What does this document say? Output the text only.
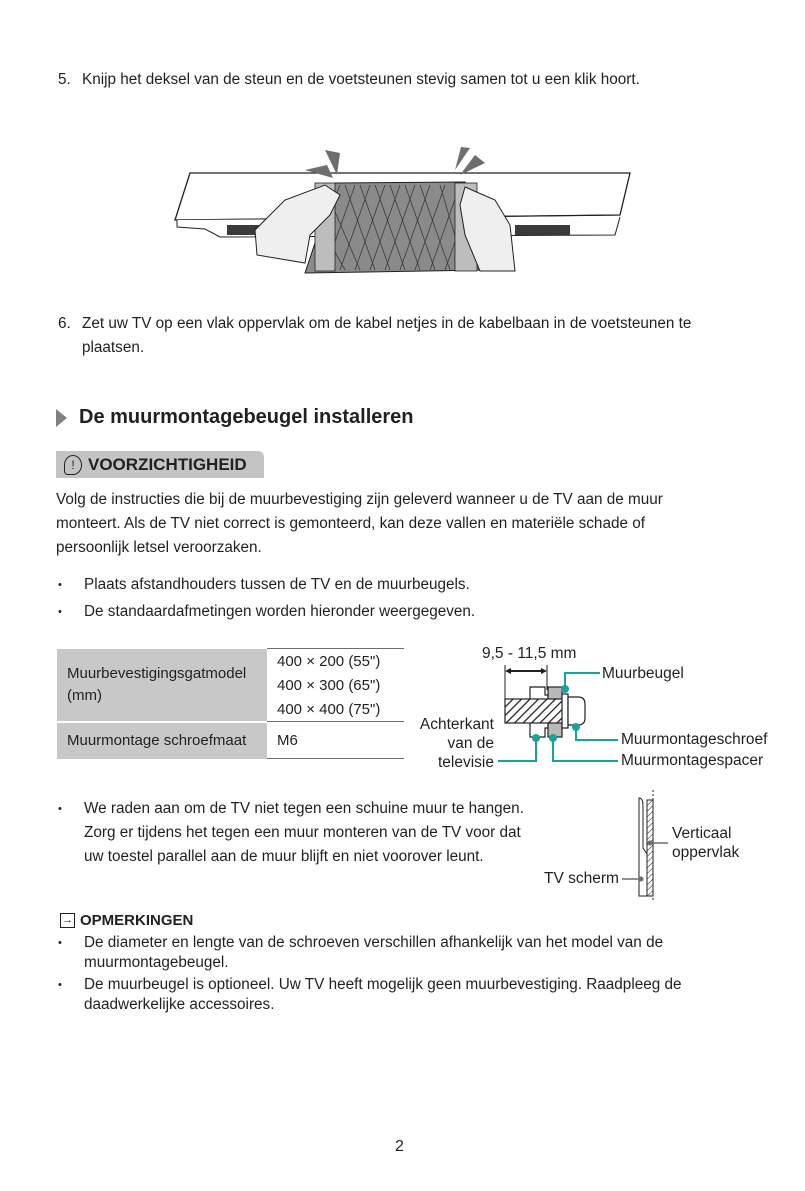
5. Knijp het deksel van de steun en de voetsteunen stevig samen tot u een klik hoort.
6. Zet uw TV op een vlak oppervlak om de kabel netjes in de kabelbaan in de voetsteunen te
plaatsen.
De muurmontagebeugel installeren
! VOORZICHTIGHEID
Volg de instructies die bij de muurbevestiging zijn geleverd wanneer u de TV aan de muur
monteert. Als de TV niet correct is gemonteerd, kan deze vallen en materiële schade of
persoonlijk letsel veroorzaken.
• Plaats afstandhouders tussen de TV en de muurbeugels.
• De standaardafmetingen worden hieronder weergegeven.
Muurbevestigingsgatmodel
(mm)	400 × 200 (55")
	400 × 300 (65")
	400 × 400 (75")
Muurmontage schroefmaat	M6
9,5 - 11,5 mm
Muurbeugel
Achterkant
van de
televisie
Muurmontageschroef
Muurmontagespacer
• We raden aan om de TV niet tegen een schuine muur te hangen.
Zorg er tijdens het tegen een muur monteren van de TV voor dat
uw toestel parallel aan de muur blijft en niet voorover leunt.
Verticaal
oppervlak
TV scherm
→ OPMERKINGEN
• De diameter en lengte van de schroeven verschillen afhankelijk van het model van de
muurmontagebeugel.
• De muurbeugel is optioneel. Uw TV heeft mogelijk geen muurbevestiging. Raadpleeg de
daadwerkelijke accessoires.
2
